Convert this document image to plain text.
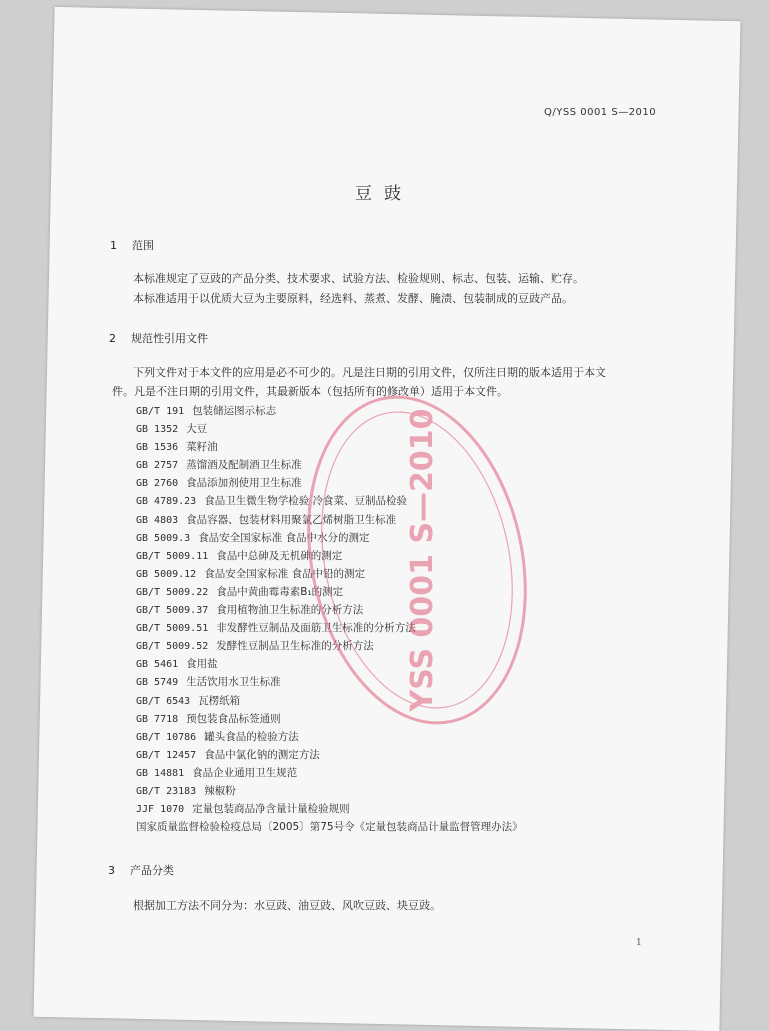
Q/YSS 0001 S—2010
豆豉
1 范围
本标准规定了豆豉的产品分类、技术要求、试验方法、检验规则、标志、包装、运输、贮存。
本标准适用于以优质大豆为主要原料，经选料、蒸煮、发酵、腌渍、包装制成的豆豉产品。
2 规范性引用文件
下列文件对于本文件的应用是必不可少的。凡是注日期的引用文件，仅所注日期的版本适用于本文
件。凡是不注日期的引用文件，其最新版本（包括所有的修改单）适用于本文件。
GB/T 191 包装储运图示标志
GB 1352 大豆
GB 1536 菜籽油
GB 2757 蒸馏酒及配制酒卫生标准
GB 2760 食品添加剂使用卫生标准
GB 4789.23 食品卫生微生物学检验 冷食菜、豆制品检验
GB 4803 食品容器、包装材料用聚氯乙烯树脂卫生标准
GB 5009.3 食品安全国家标准 食品中水分的测定
GB/T 5009.11 食品中总砷及无机砷的测定
GB 5009.12 食品安全国家标准 食品中铅的测定
GB/T 5009.22 食品中黄曲霉毒素B₁的测定
GB/T 5009.37 食用植物油卫生标准的分析方法
GB/T 5009.51 非发酵性豆制品及面筋卫生标准的分析方法
GB/T 5009.52 发酵性豆制品卫生标准的分析方法
GB 5461 食用盐
GB 5749 生活饮用水卫生标准
GB/T 6543 瓦楞纸箱
GB 7718 预包装食品标签通则
GB/T 10786 罐头食品的检验方法
GB/T 12457 食品中氯化钠的测定方法
GB 14881 食品企业通用卫生规范
GB/T 23183 辣椒粉
JJF 1070 定量包装商品净含量计量检验规则
国家质量监督检验检疫总局〔2005〕第75号令《定量包装商品计量监督管理办法》
3 产品分类
根据加工方法不同分为：水豆豉、油豆豉、风吹豆豉、块豆豉。
1
YSS 0001 S—2010
